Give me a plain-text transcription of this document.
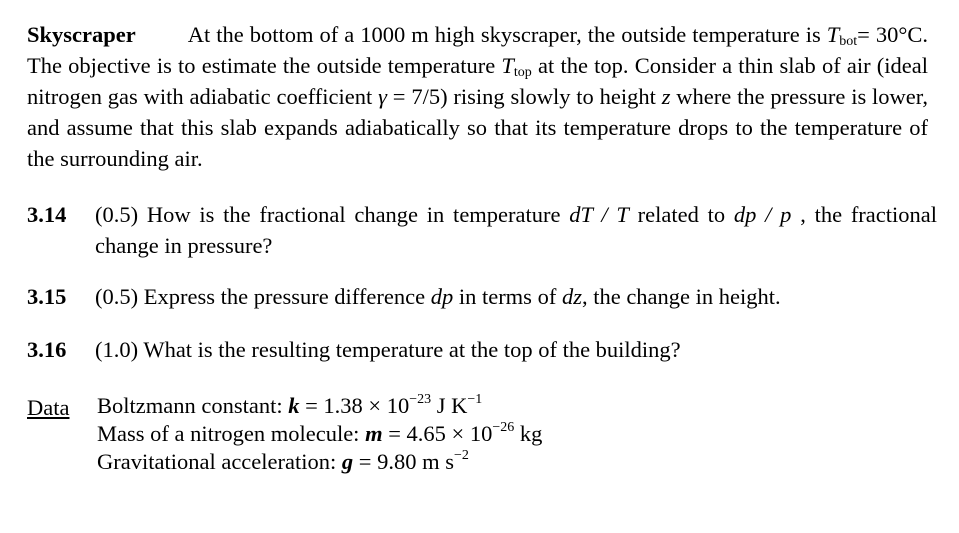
Skyscraper At the bottom of a 1000 m high skyscraper, the outside temperature is $T_{bot}= 30^\circ C$. The objective is to estimate the outside temperature $T_{top}$ at the top. Consider a thin slab of air (ideal nitrogen gas with adiabatic coefficient γ = 7/5) rising slowly to height z where the pressure is lower, and assume that this slab expands adiabatically so that its temperature drops to the temperature of the surrounding air.
3.14	(0.5) How is the fractional change in temperature dT / T related to dp / p , the fractional change in pressure?
3.15	(0.5) Express the pressure difference dp in terms of dz, the change in height.
3.16	(1.0) What is the resulting temperature at the top of the building?
Data Boltzmann constant: $k = 1.38 \times 10^{-23}$ J $K^{-1}$
Mass of a nitrogen molecule: $m = 4.65 \times 10^{-26}$ kg
Gravitational acceleration: g = 9.80 m $s^{-2}$
